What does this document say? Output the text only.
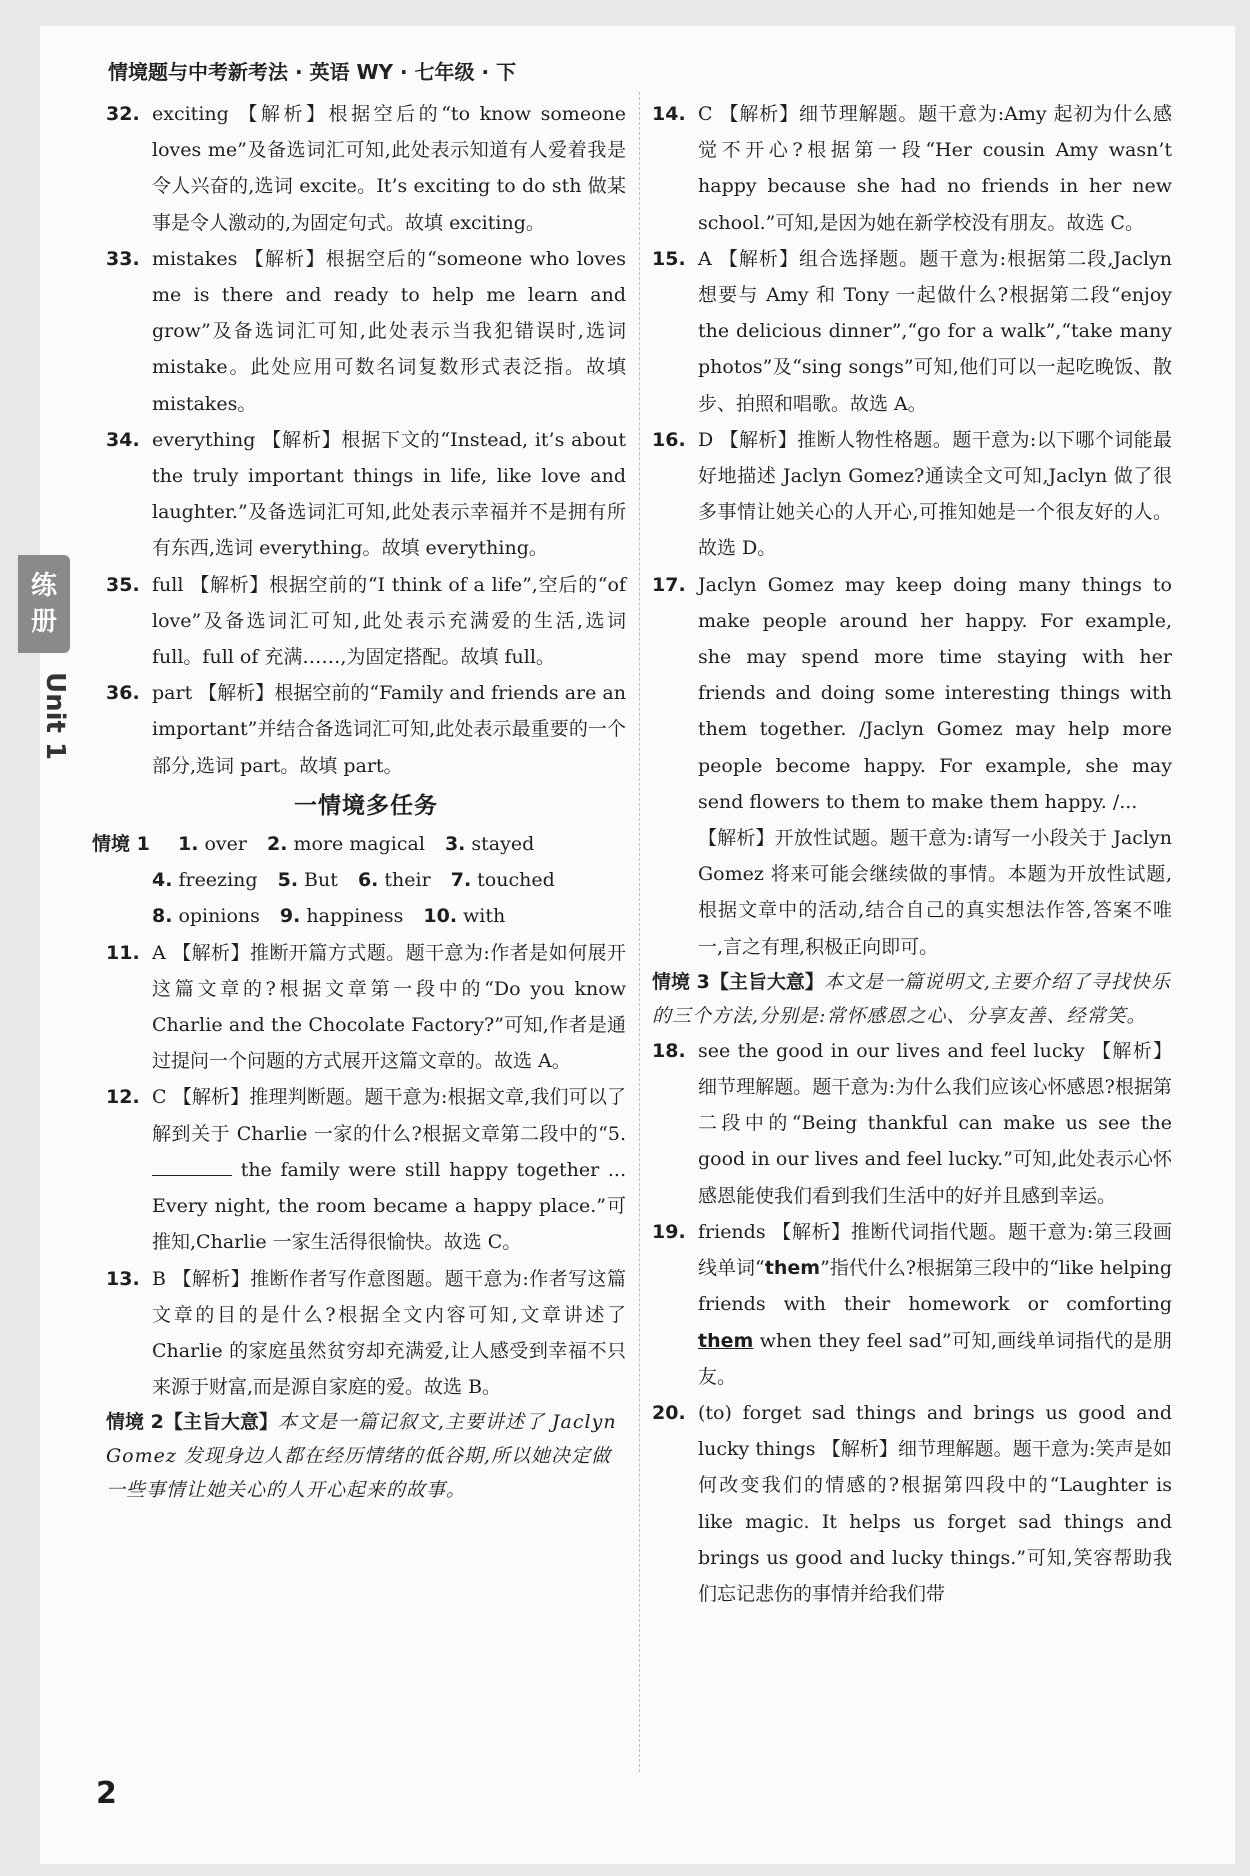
情境题与中考新考法 · 英语 WY · 七年级 · 下
练
册
Unit 1
32. exciting 【解析】根据空后的“to know someone loves me”及备选词汇可知,此处表示知道有人爱着我是令人兴奋的,选词 excite。It’s exciting to do sth 做某事是令人激动的,为固定句式。故填 exciting。
33. mistakes 【解析】根据空后的“someone who loves me is there and ready to help me learn and grow”及备选词汇可知,此处表示当我犯错误时,选词 mistake。此处应用可数名词复数形式表泛指。故填 mistakes。
34. everything 【解析】根据下文的“Instead, it’s about the truly important things in life, like love and laughter.”及备选词汇可知,此处表示幸福并不是拥有所有东西,选词 everything。故填 everything。
35. full 【解析】根据空前的“I think of a life”,空后的“of love”及备选词汇可知,此处表示充满爱的生活,选词 full。full of 充满……,为固定搭配。故填 full。
36. part 【解析】根据空前的“Family and friends are an important”并结合备选词汇可知,此处表示最重要的一个部分,选词 part。故填 part。
一情境多任务
情境 1 1. over 2. more magical 3. stayed
4. freezing 5. But 6. their 7. touched
8. opinions 9. happiness 10. with
11. A 【解析】推断开篇方式题。题干意为:作者是如何展开这篇文章的?根据文章第一段中的“Do you know Charlie and the Chocolate Factory?”可知,作者是通过提问一个问题的方式展开这篇文章的。故选 A。
12. C 【解析】推理判断题。题干意为:根据文章,我们可以了解到关于 Charlie 一家的什么?根据文章第二段中的“5.  the family were still happy together ... Every night, the room became a happy place.”可推知,Charlie 一家生活得很愉快。故选 C。
13. B 【解析】推断作者写作意图题。题干意为:作者写这篇文章的目的是什么?根据全文内容可知,文章讲述了 Charlie 的家庭虽然贫穷却充满爱,让人感受到幸福不只来源于财富,而是源自家庭的爱。故选 B。
情境 2【主旨大意】本文是一篇记叙文,主要讲述了 Jaclyn Gomez 发现身边人都在经历情绪的低谷期,所以她决定做一些事情让她关心的人开心起来的故事。
14. C 【解析】细节理解题。题干意为:Amy 起初为什么感觉不开心?根据第一段“Her cousin Amy wasn’t happy because she had no friends in her new school.”可知,是因为她在新学校没有朋友。故选 C。
15. A 【解析】组合选择题。题干意为:根据第二段,Jaclyn 想要与 Amy 和 Tony 一起做什么?根据第二段“enjoy the delicious dinner”,“go for a walk”,“take many photos”及“sing songs”可知,他们可以一起吃晚饭、散步、拍照和唱歌。故选 A。
16. D 【解析】推断人物性格题。题干意为:以下哪个词能最好地描述 Jaclyn Gomez?通读全文可知,Jaclyn 做了很多事情让她关心的人开心,可推知她是一个很友好的人。故选 D。
17. Jaclyn Gomez may keep doing many things to make people around her happy. For example, she may spend more time staying with her friends and doing some interesting things with them together. /Jaclyn Gomez may help more people become happy. For example, she may send flowers to them to make them happy. /...
【解析】开放性试题。题干意为:请写一小段关于 Jaclyn Gomez 将来可能会继续做的事情。本题为开放性试题,根据文章中的活动,结合自己的真实想法作答,答案不唯一,言之有理,积极正向即可。
情境 3【主旨大意】本文是一篇说明文,主要介绍了寻找快乐的三个方法,分别是:常怀感恩之心、分享友善、经常笑。
18. see the good in our lives and feel lucky 【解析】细节理解题。题干意为:为什么我们应该心怀感恩?根据第二段中的“Being thankful can make us see the good in our lives and feel lucky.”可知,此处表示心怀感恩能使我们看到我们生活中的好并且感到幸运。
19. friends 【解析】推断代词指代题。题干意为:第三段画线单词“them”指代什么?根据第三段中的“like helping friends with their homework or comforting them when they feel sad”可知,画线单词指代的是朋友。
20. (to) forget sad things and brings us good and lucky things 【解析】细节理解题。题干意为:笑声是如何改变我们的情感的?根据第四段中的“Laughter is like magic. It helps us forget sad things and brings us good and lucky things.”可知,笑容帮助我们忘记悲伤的事情并给我们带
2
